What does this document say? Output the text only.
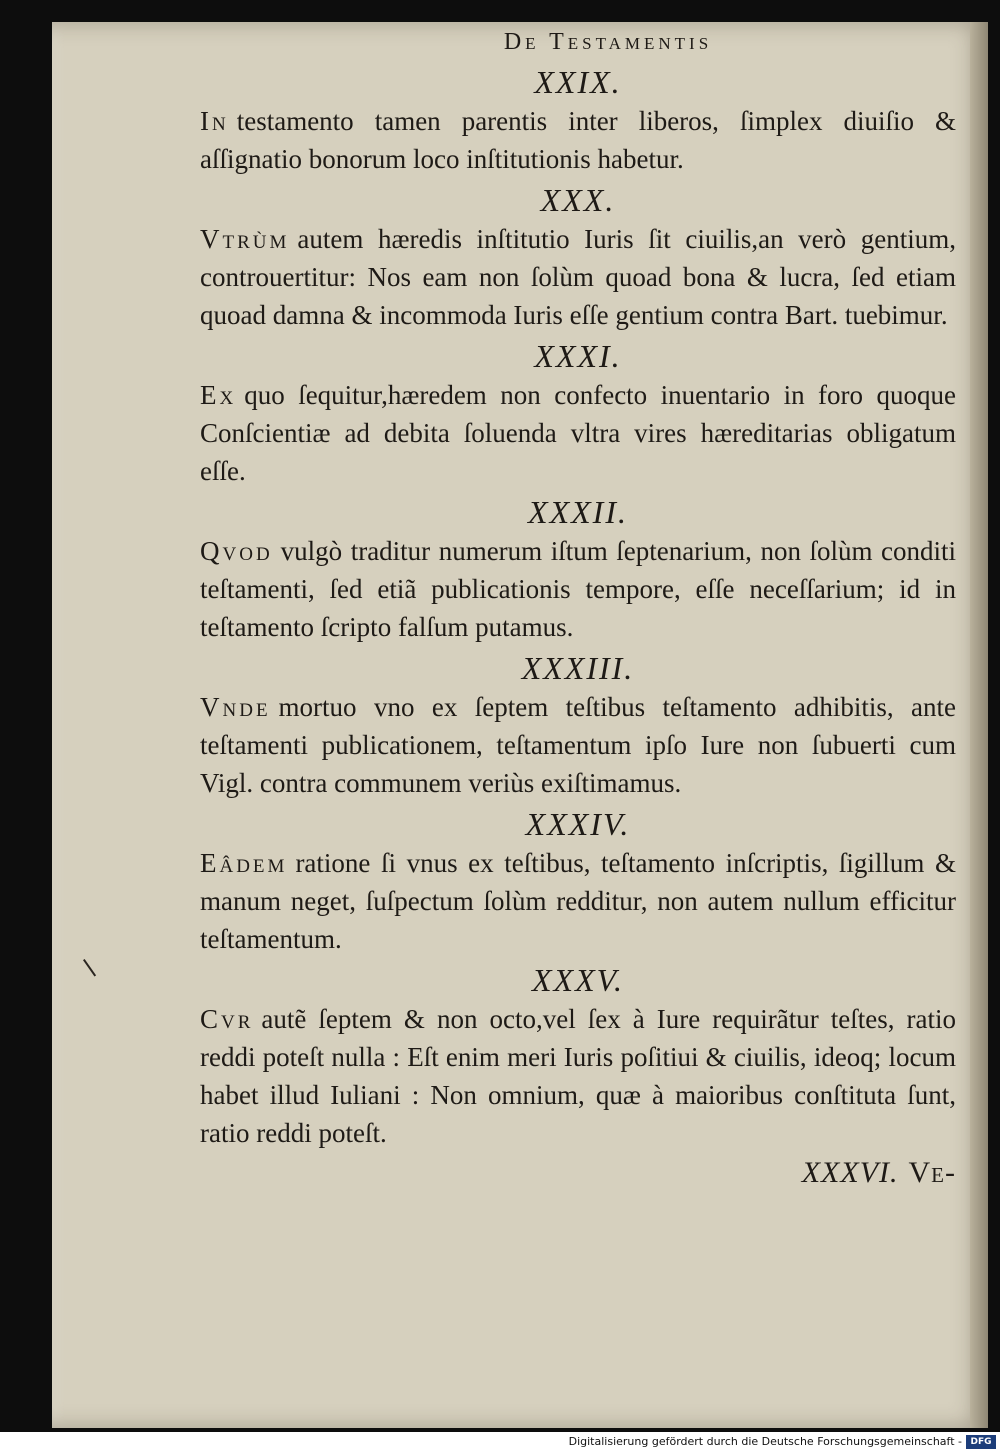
De Testamentis
XXIX.

In testamento tamen parentis inter liberos, ſimplex diuiſio & aſſignatio bonorum loco inſtitutionis habetur.

XXX.

Vtrùm autem hæredis inſtitutio Iuris ſit ciuilis,an verò gentium, controuertitur: Nos eam non ſolùm quoad bona & lucra, ſed etiam quoad damna & incommoda Iuris eſſe gentium contra Bart. tuebimur.

XXXI.

Ex quo ſequitur,hæredem non confecto inuentario in foro quoque Conſcientiæ ad debita ſoluenda vltra vires hæreditarias obligatum eſſe.

XXXII.

Qvod vulgò traditur numerum iſtum ſeptenarium, non ſolùm conditi teſtamenti, ſed etiã publicationis tempore, eſſe neceſſarium; id in teſtamento ſcripto falſum putamus.

XXXIII.

Vnde mortuo vno ex ſeptem teſtibus teſtamento adhibitis, ante teſtamenti publicationem, teſtamentum ipſo Iure non ſubuerti cum Vigl. contra communem veriùs exiſtimamus.

XXXIV.

Eâdem ratione ſi vnus ex teſtibus, teſtamento inſcriptis, ſigillum & manum neget, ſuſpectum ſolùm redditur, non autem nullum efficitur teſtamentum.

XXXV.

Cvr autẽ ſeptem & non octo,vel ſex à Iure requirãtur teſtes, ratio reddi poteſt nulla : Eſt enim meri Iuris poſitiui & ciuilis, ideoq; locum habet illud Iuliani : Non omnium, quæ à maioribus conſtituta ſunt, ratio reddi poteſt.

XXXVI. Ve-
Digitalisierung gefördert durch die Deutsche Forschungsgemeinschaft - DFG
